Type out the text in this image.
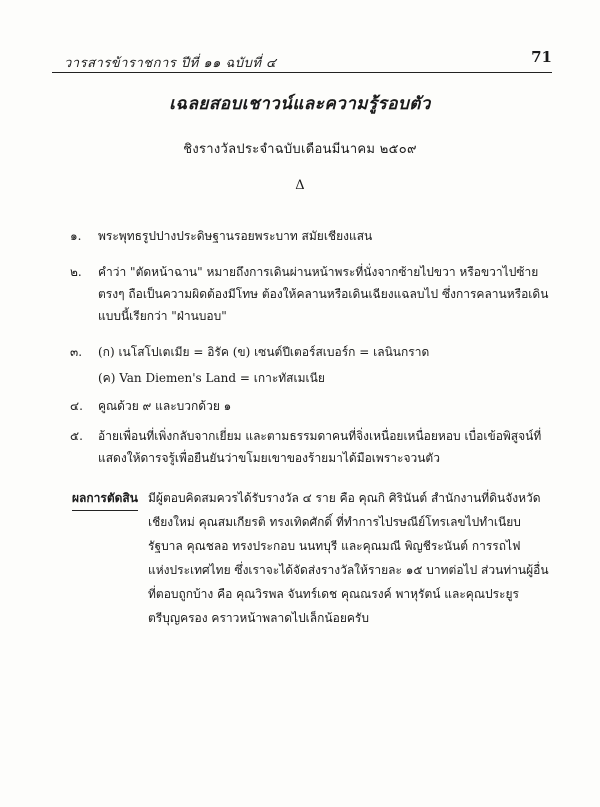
วารสารข้าราชการ ปีที่ ๑๑ ฉบับที่ ๔	71
เฉลยสอบเชาวน์และความรู้รอบตัว
ชิงรางวัลประจำฉบับเดือนมีนาคม ๒๕๐๙
Δ
๑.	พระพุทธรูปปางประดิษฐานรอยพระบาท สมัยเชียงแสน
๒.	คำว่า "ตัดหน้าฉาน" หมายถึงการเดินผ่านหน้าพระที่นั่งจากซ้ายไปขวา หรือขวาไปซ้าย
ตรงๆ ถือเป็นความผิดต้องมีโทษ ต้องให้คลานหรือเดินเฉียงแฉลบไป ซึ่งการคลานหรือเดิน
แบบนี้เรียกว่า "ฝ่านบอบ"
๓.	(ก) เนโสโปเตเมีย = อิรัค (ข) เซนต์ปีเตอร์สเบอร์ก = เลนินกราด
(ค) Van Diemen's Land = เกาะทัสเมเนีย
๔.	คูณด้วย ๙ และบวกด้วย ๑
๕.	อ้ายเพื่อนที่เพิ่งกลับจากเยี่ยม และตามธรรมดาคนที่จิ่งเหนื่อยเหนื่อยหอบ เบื่อเข้อพิสูจน์ที่
แสดงให้ดารจรู้เพื่อยืนยันว่าขโมยเขาของร้ายมาได้มือเพราะจวนตัว
ผลการตัดสิน มีผู้ตอบคิดสมควรได้รับรางวัล ๔ ราย คือ คุณกิ ศิรินันต์ สำนักงานที่ดินจังหวัด
เชียงใหม่ คุณสมเกียรติ ทรงเทิดศักดิ์ ที่ทำการไปรษณีย์โทรเลขไปทำเนียบ
รัฐบาล คุณชลอ ทรงประกอบ นนทบุรี และคุณมณี พิญชีระนันต์ การรถไฟ
แห่งประเทศไทย ซึ่งเราจะได้จัดส่งรางวัลให้รายละ ๑๕ บาทต่อไป ส่วนท่านผู้อื่น
ที่ตอบถูกบ้าง คือ คุณวิรพล จันทร์เดช คุณณรงค์ พาหุรัตน์ และคุณประยูร
ตรีบุญครอง คราวหน้าพลาดไปเล็กน้อยครับ
